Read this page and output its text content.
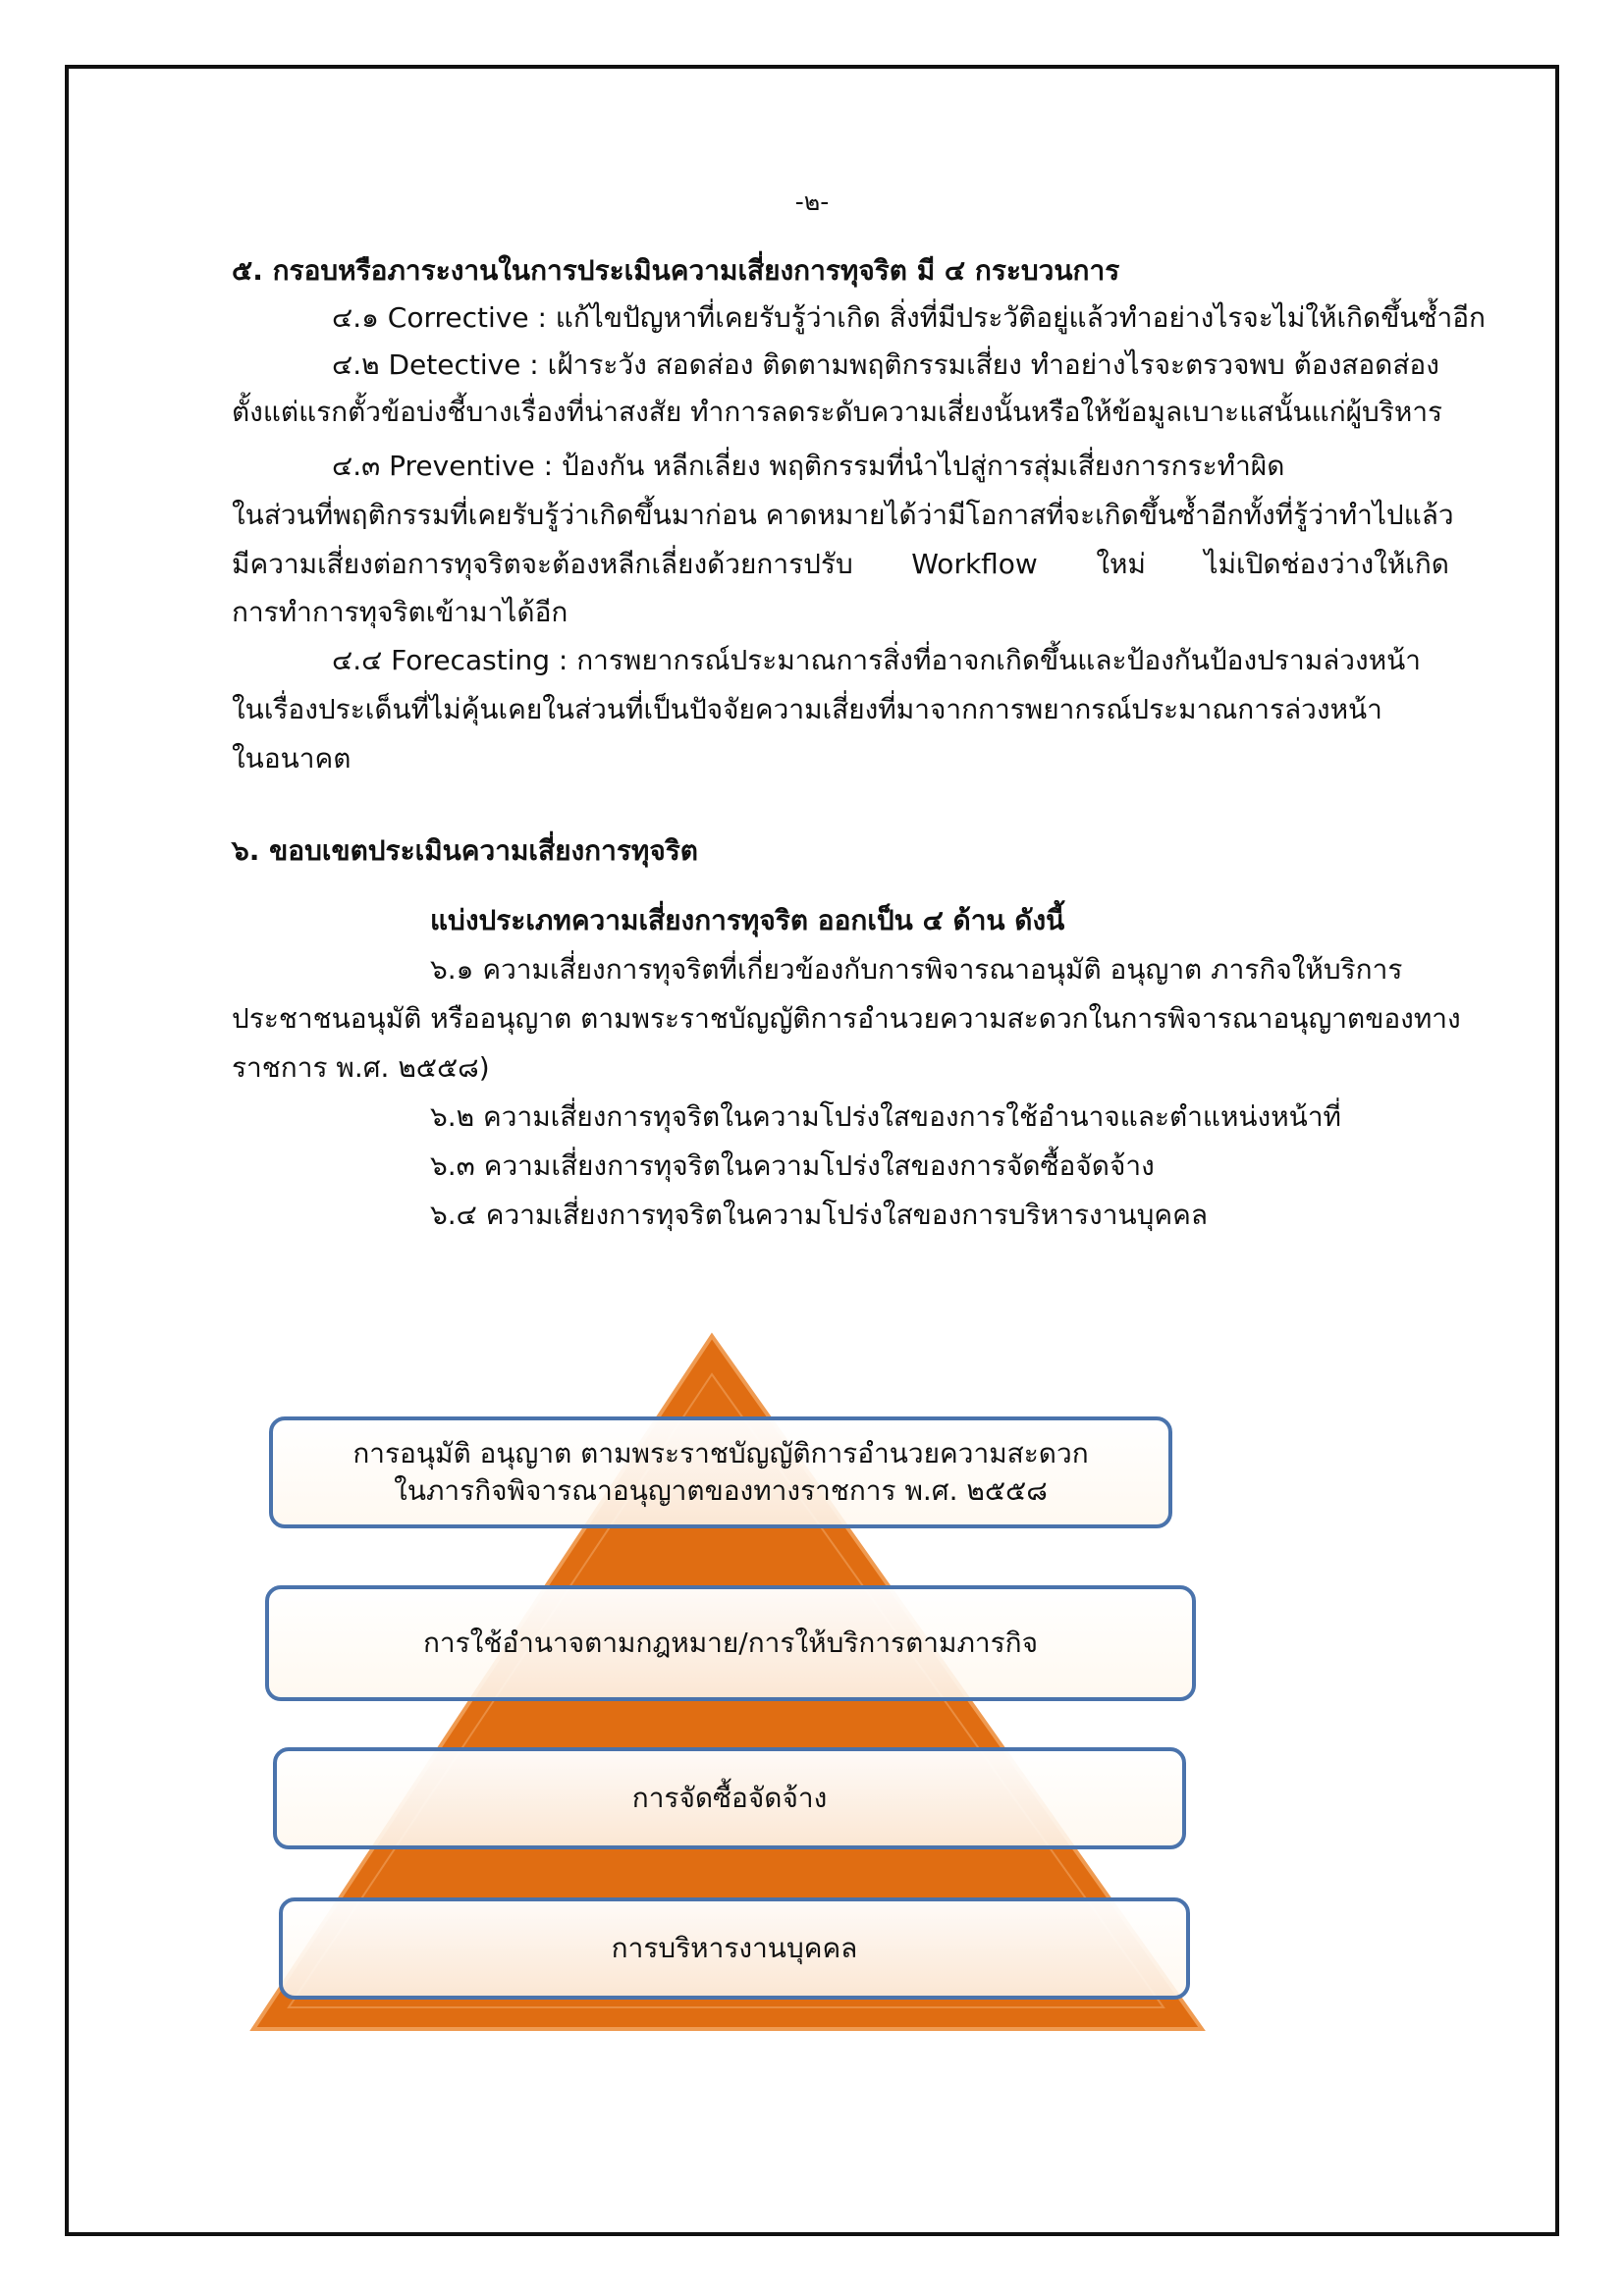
-๒-
๕. กรอบหรือภาระงานในการประเมินความเสี่ยงการทุจริต มี ๔ กระบวนการ
๔.๑ Corrective : แก้ไขปัญหาที่เคยรับรู้ว่าเกิด สิ่งที่มีประวัติอยู่แล้วทำอย่างไรจะไม่ให้เกิดขึ้นซ้ำอีก
๔.๒ Detective : เฝ้าระวัง สอดส่อง ติดตามพฤติกรรมเสี่ยง ทำอย่างไรจะตรวจพบ ต้องสอดส่อง
ตั้งแต่แรกตั้วข้อบ่งชี้บางเรื่องที่น่าสงสัย ทำการลดระดับความเสี่ยงนั้นหรือให้ข้อมูลเบาะแสนั้นแก่ผู้บริหาร
๔.๓ Preventive : ป้องกัน หลีกเลี่ยง พฤติกรรมที่นำไปสู่การสุ่มเสี่ยงการกระทำผิด
ในส่วนที่พฤติกรรมที่เคยรับรู้ว่าเกิดขึ้นมาก่อน คาดหมายได้ว่ามีโอกาสที่จะเกิดขึ้นซ้ำอีกทั้งที่รู้ว่าทำไปแล้ว
มีความเสี่ยงต่อการทุจริตจะต้องหลีกเลี่ยงด้วยการปรับ Workflow ใหม่ ไม่เปิดช่องว่างให้เกิด
การทำการทุจริตเข้ามาได้อีก
๔.๔ Forecasting : การพยากรณ์ประมาณการสิ่งที่อาจกเกิดขึ้นและป้องกันป้องปรามล่วงหน้า
ในเรื่องประเด็นที่ไม่คุ้นเคยในส่วนที่เป็นปัจจัยความเสี่ยงที่มาจากการพยากรณ์ประมาณการล่วงหน้า
ในอนาคต
๖. ขอบเขตประเมินความเสี่ยงการทุจริต
แบ่งประเภทความเสี่ยงการทุจริต ออกเป็น ๔ ด้าน ดังนี้
๖.๑ ความเสี่ยงการทุจริตที่เกี่ยวข้องกับการพิจารณาอนุมัติ อนุญาต ภารกิจให้บริการ
ประชาชนอนุมัติ หรืออนุญาต ตามพระราชบัญญัติการอำนวยความสะดวกในการพิจารณาอนุญาตของทาง
ราชการ พ.ศ. ๒๕๕๘)
๖.๒ ความเสี่ยงการทุจริตในความโปร่งใสของการใช้อำนาจและตำแหน่งหน้าที่
๖.๓ ความเสี่ยงการทุจริตในความโปร่งใสของการจัดซื้อจัดจ้าง
๖.๔ ความเสี่ยงการทุจริตในความโปร่งใสของการบริหารงานบุคคล
การอนุมัติ อนุญาต ตามพระราชบัญญัติการอำนวยความสะดวก
ในภารกิจพิจารณาอนุญาตของทางราชการ พ.ศ. ๒๕๕๘
การใช้อำนาจตามกฎหมาย/การให้บริการตามภารกิจ
การจัดซื้อจัดจ้าง
การบริหารงานบุคคล
